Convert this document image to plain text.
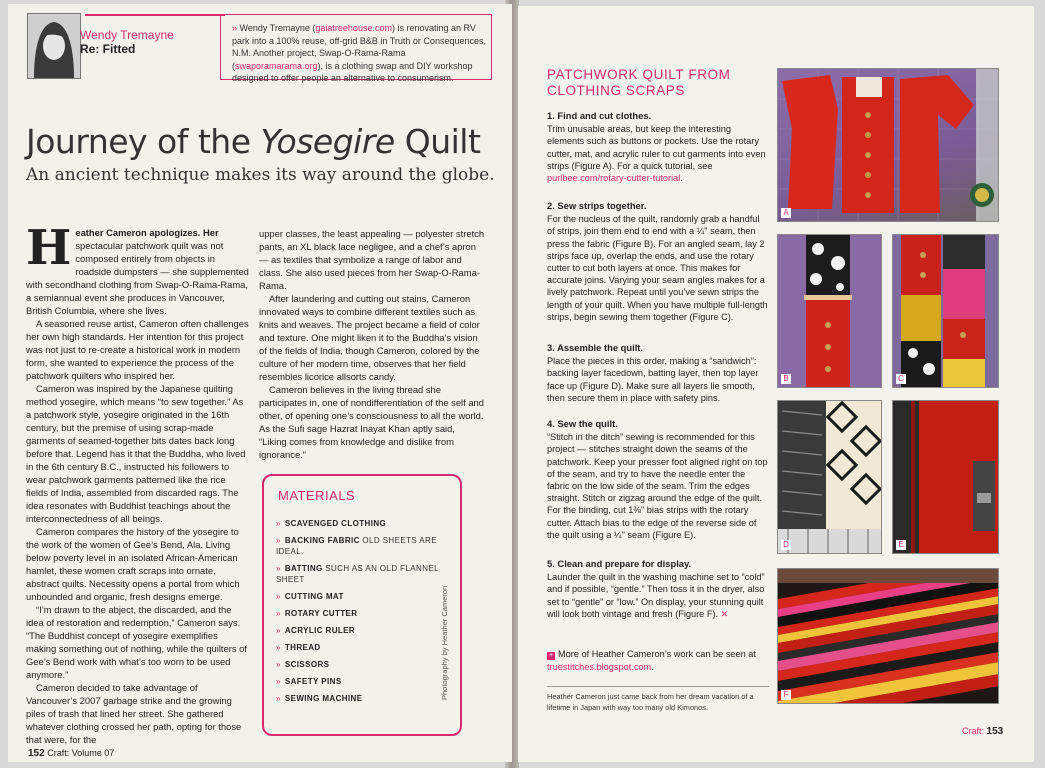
Wendy Tremayne
Re: Fitted
» Wendy Tremayne (gaiatreehouse.com) is renovating an RV park into a 100% reuse, off-grid B&B in Truth or Consequences, N.M. Another project, Swap-O-Rama-Rama (swaporamarama.org), is a clothing swap and DIY workshop designed to offer people an alternative to consumerism.
Journey of the Yosegire Quilt
An ancient technique makes its way around the globe.

Heather Cameron apologizes. Her spectacular patchwork quilt was not composed entirely from objects in roadside dumpsters — she supplemented with secondhand clothing from Swap-O-Rama-Rama, a semiannual event she produces in Vancouver, British Columbia, where she lives.

A seasoned reuse artist, Cameron often challenges her own high standards. Her intention for this project was not just to re-create a historical work in modern form, she wanted to experience the process of the patchwork quilters who inspired her.

Cameron was inspired by the Japanese quilting method yosegire, which means “to sew together.” As a patchwork style, yosegire originated in the 16th century, but the premise of using scrap-made garments of seamed-together bits dates back long before that. Legend has it that the Buddha, who lived in the 6th century B.C., instructed his followers to wear patchwork garments patterned like the rice fields of India, assembled from discarded rags. The idea resonates with Buddhist teachings about the interconnectedness of all beings.

Cameron compares the history of the yosegire to the work of the women of Gee’s Bend, Ala. Living below poverty level in an isolated African-American hamlet, these women craft scraps into ornate, abstract quilts. Necessity opens a portal from which unbounded and organic, fresh designs emerge.

“I’m drawn to the abject, the discarded, and the idea of restoration and redemption,” Cameron says. “The Buddhist concept of yosegire exemplifies making something out of nothing, while the quilters of Gee’s Bend work with what’s too worn to be used anymore.”

Cameron decided to take advantage of Vancouver’s 2007 garbage strike and the growing piles of trash that lined her street. She gathered whatever clothing crossed her path, opting for those that were, for the

upper classes, the least appealing — polyester stretch pants, an XL black lace negligee, and a chef’s apron — as textiles that symbolize a range of labor and class. She also used pieces from her Swap-O-Rama-Rama.

After laundering and cutting out stains, Cameron innovated ways to combine different textiles such as knits and weaves. The project became a field of color and texture. One might liken it to the Buddha’s vision of the fields of India, though Cameron, colored by the culture of her modern time, observes that her field resembles licorice allsorts candy.

Cameron believes in the living thread she participates in, one of nondifferentiation of the self and other, of opening one’s consciousness to all the world. As the Sufi sage Hazrat Inayat Khan aptly said, “Liking comes from knowledge and dislike from ignorance.”

MATERIALS
» SCAVENGED CLOTHING
» BACKING FABRIC OLD SHEETS ARE IDEAL.
» BATTING SUCH AS AN OLD FLANNEL SHEET
» CUTTING MAT
» ROTARY CUTTER
» ACRYLIC RULER
» THREAD
» SCISSORS
» SAFETY PINS
» SEWING MACHINE	Photography by Heather Cameron
152 Craft: Volume 07
PATCHWORK QUILT FROM CLOTHING SCRAPS
1. Find and cut clothes.

Trim unusable areas, but keep the interesting elements such as buttons or pockets. Use the rotary cutter, mat, and acrylic ruler to cut garments into even strips (Figure A). For a quick tutorial, see purlbee.com/rotary-cutter-tutorial.

2. Sew strips together.

For the nucleus of the quilt, randomly grab a handful of strips, join them end to end with a ¼" seam, then press the fabric (Figure B). For an angled seam, lay 2 strips face up, overlap the ends, and use the rotary cutter to cut both layers at once. This makes for accurate joins. Varying your seam angles makes for a lively patchwork. Repeat until you’ve sewn strips the length of your quilt. When you have multiple full-length strips, begin sewing them together (Figure C).

3. Assemble the quilt.

Place the pieces in this order, making a “sandwich”: backing layer facedown, batting layer, then top layer face up (Figure D). Make sure all layers lie smooth, then secure them in place with safety pins.

4. Sew the quilt.

“Stitch in the ditch” sewing is recommended for this project — stitches straight down the seams of the patchwork. Keep your presser foot aligned right on top of the seam, and try to have the needle enter the fabric on the low side of the seam. Trim the edges straight. Stitch or zigzag around the edge of the quilt. For the binding, cut 1⅜" bias strips with the rotary cutter. Attach bias to the edge of the reverse side of the quilt using a ¼" seam (Figure E).

5. Clean and prepare for display.

Launder the quilt in the washing machine set to “cold” and if possible, “gentle.” Then toss it in the dryer, also set to “gentle” or “low.” On display, your stunning quilt will look both vintage and fresh (Figure F). ✕

+ More of Heather Cameron’s work can be seen at truestitches.blogspot.com.
Heather Cameron just came back from her dream vacation of a lifetime in Japan with way too many old Kimonos.
A
B	C
D	E
F
Craft: 153
